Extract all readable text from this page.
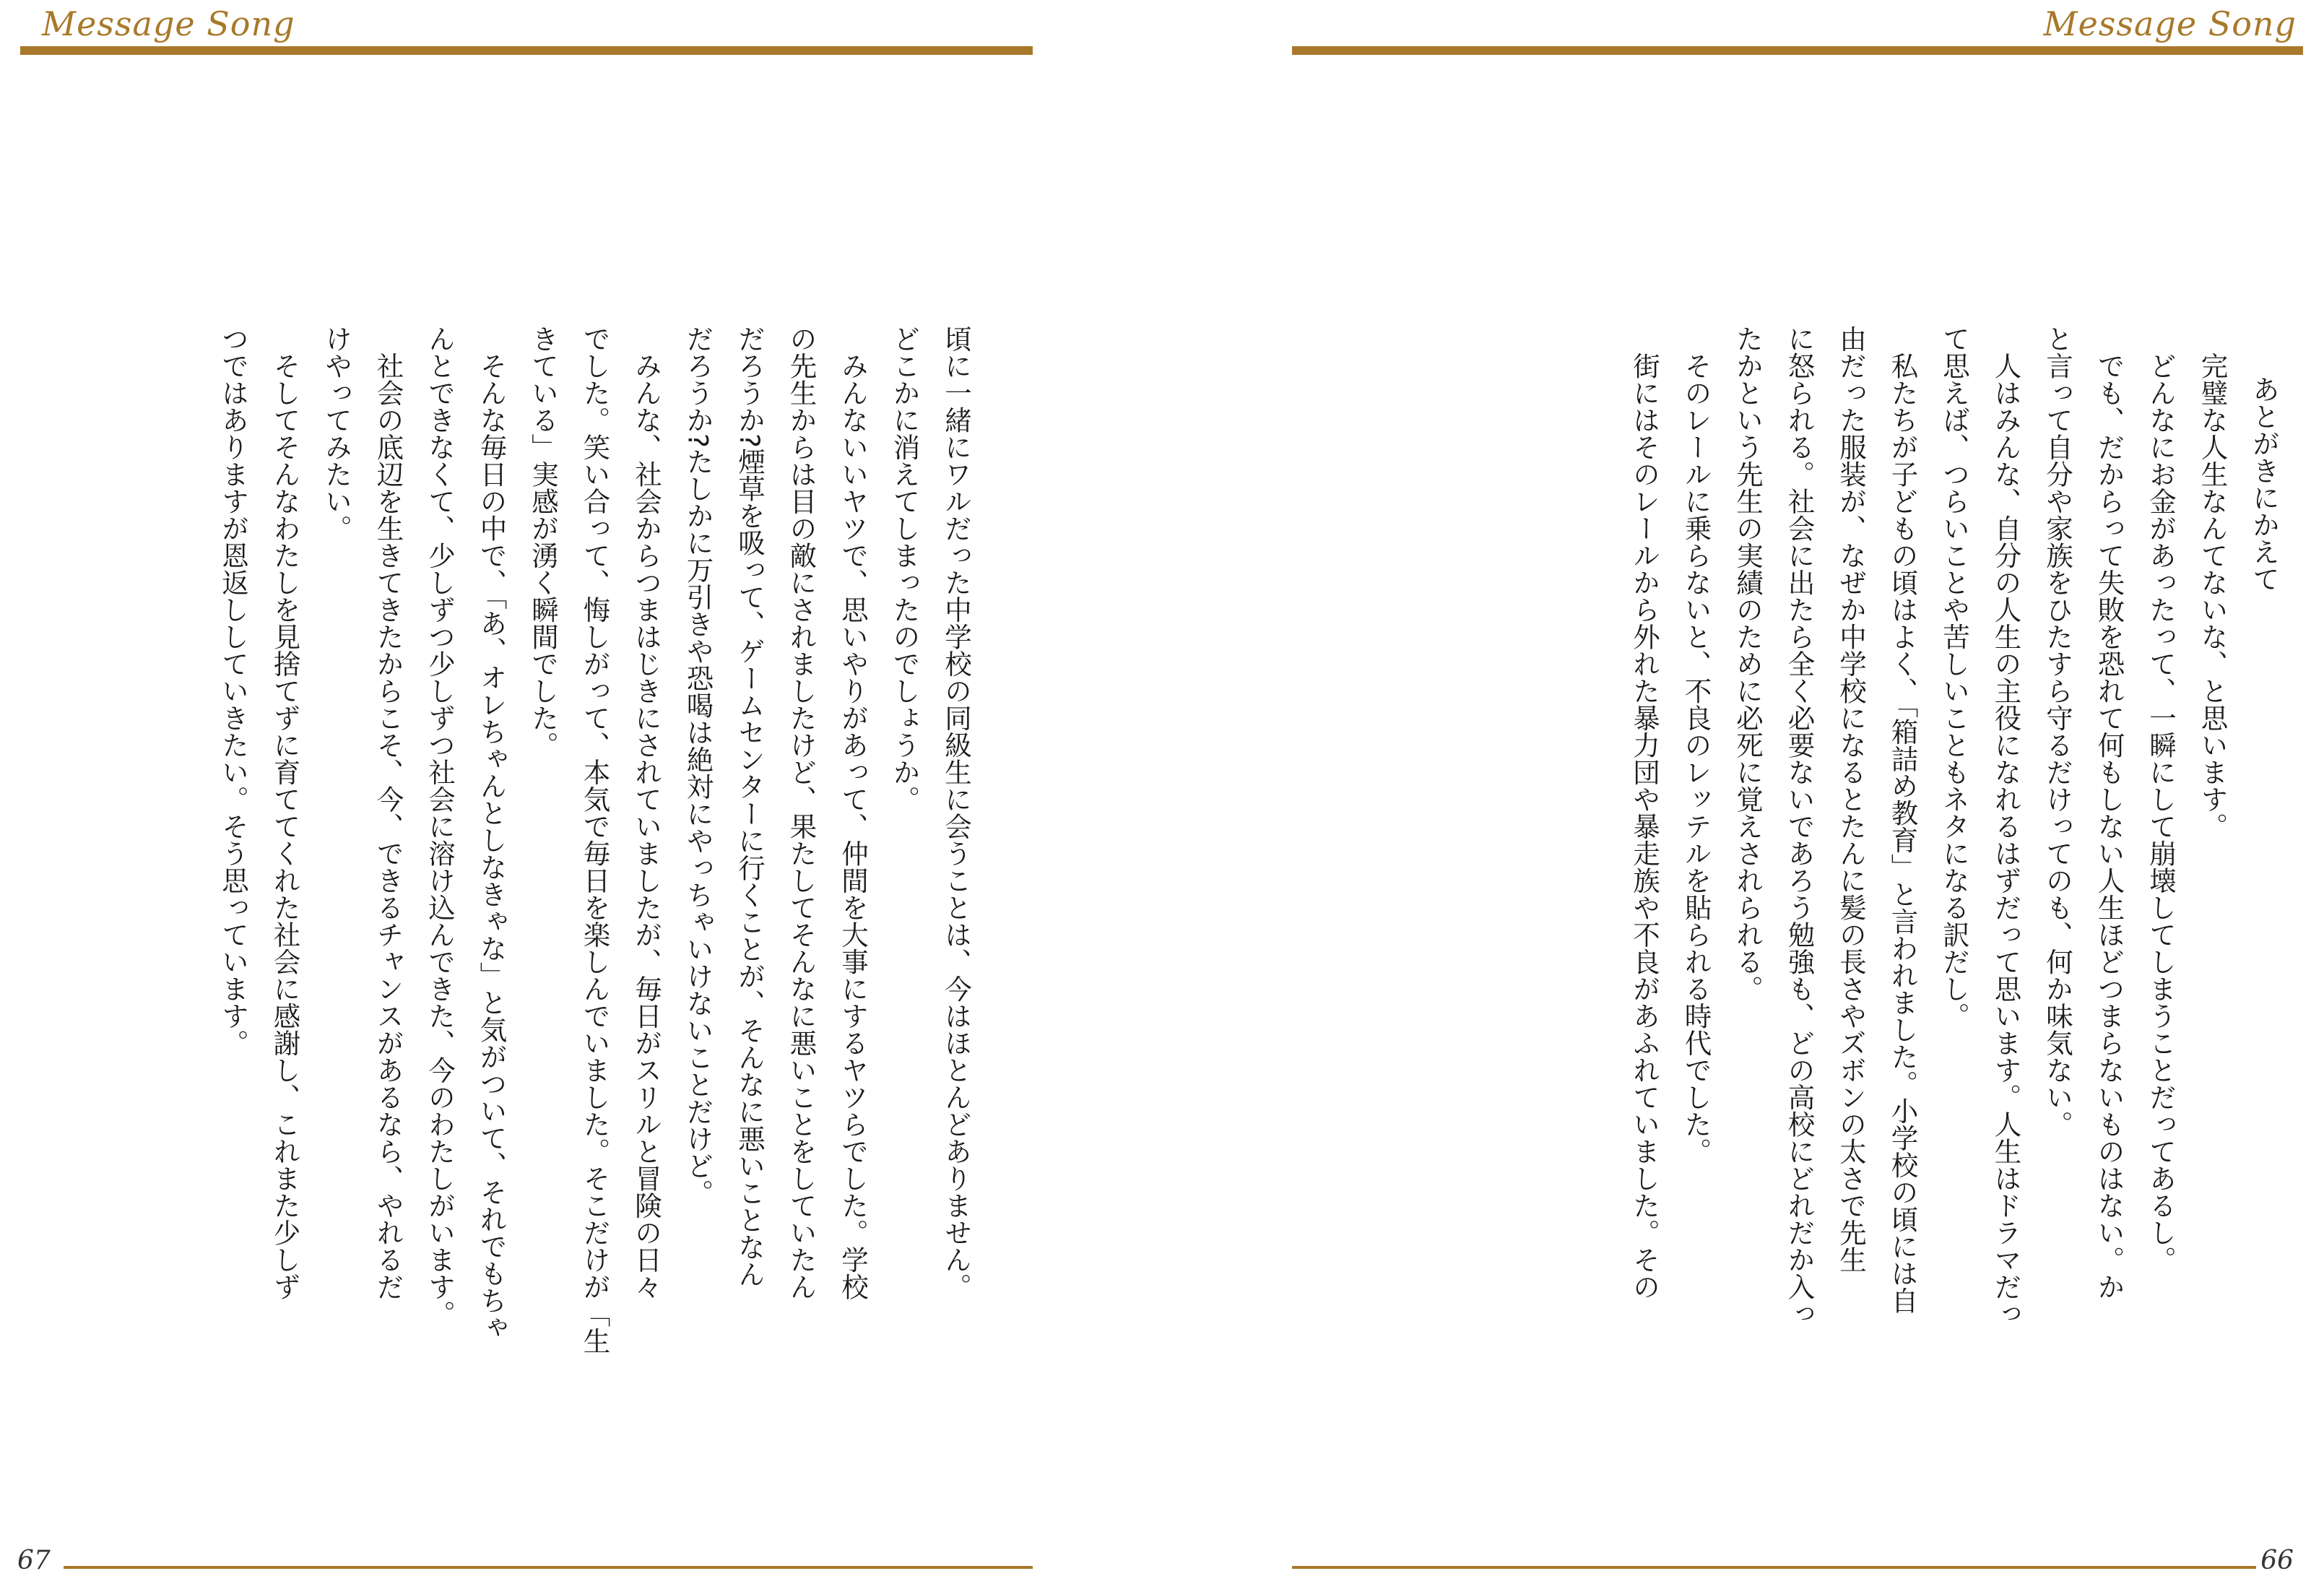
Message Song

頃に一緒にワルだった中学校の同級生に会うことは、今はほとんどありません。

どこかに消えてしまったのでしょうか。

　みんないいヤツで、思いやりがあって、仲間を大事にするヤツらでした。学校

の先生からは目の敵にされましたけど、果たしてそんなに悪いことをしていたん

だろうか?煙草を吸って、ゲームセンターに行くことが、そんなに悪いことなん

だろうか?たしかに万引きや恐喝は絶対にやっちゃいけないことだけど。

　みんな、社会からつまはじきにされていましたが、毎日がスリルと冒険の日々

でした。笑い合って、悔しがって、本気で毎日を楽しんでいました。そこだけが「生

きている」実感が湧く瞬間でした。

　そんな毎日の中で、「あ、オレちゃんとしなきゃな」と気がついて、それでもちゃ

んとできなくて、少しずつ少しずつ社会に溶け込んできた、今のわたしがいます。

　社会の底辺を生きてきたからこそ、今、できるチャンスがあるなら、やれるだ

けやってみたい。

　そしてそんなわたしを見捨てずに育ててくれた社会に感謝し、これまた少しず

つではありますが恩返ししていきたい。そう思っています。

67
Message Song

あとがきにかえて

　完璧な人生なんてないな、と思います。

　どんなにお金があったって、一瞬にして崩壊してしまうことだってあるし。

　でも、だからって失敗を恐れて何もしない人生ほどつまらないものはない。か

と言って自分や家族をひたすら守るだけってのも、何か味気ない。

　人はみんな、自分の人生の主役になれるはずだって思います。人生はドラマだっ

て思えば、つらいことや苦しいこともネタになる訳だし。

　私たちが子どもの頃はよく、「箱詰め教育」と言われました。小学校の頃には自

由だった服装が、なぜか中学校になるとたんに髪の長さやズボンの太さで先生

に怒られる。社会に出たら全く必要ないであろう勉強も、どの高校にどれだか入っ

たかという先生の実績のために必死に覚えされられる。

　そのレールに乗らないと、不良のレッテルを貼られる時代でした。

　街にはそのレールから外れた暴力団や暴走族や不良があふれていました。その

66
